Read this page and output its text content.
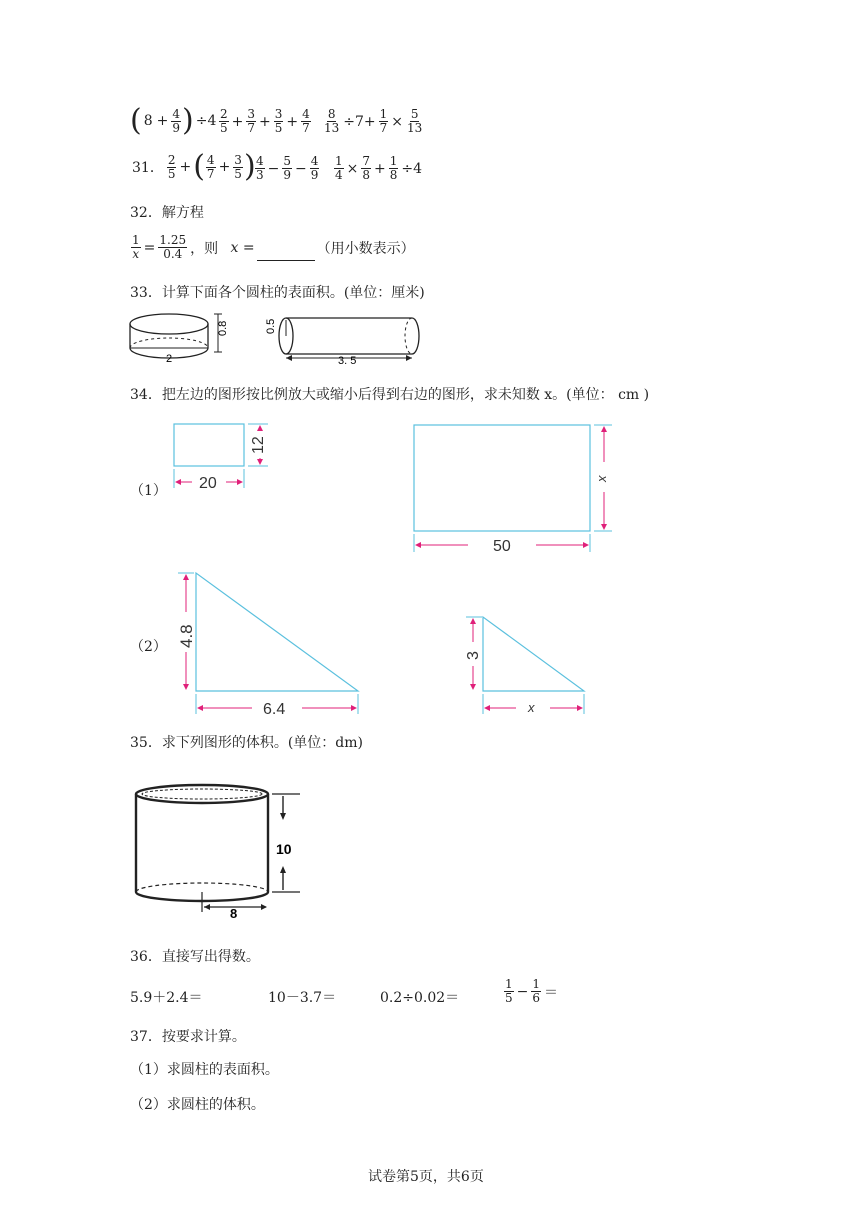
( $8 + \frac{4}{9}$ ) $\div 4 \frac{2}{5} + \frac{3}{7} + \frac{3}{5} + \frac{4}{7} \frac{8}{13} \div 7+ \frac{1}{7} \times \frac{5}{13}$
31． $\frac{2}{5}$ +( $\frac{4}{7} + \frac{3}{5}$ ) $\frac{4}{3} - \frac{5}{9} - \frac{4}{9} \frac{1}{4} \times \frac{7}{8} + \frac{1}{8} \div 4$
32．解方程
$\frac{1}{x} = \frac{1.25}{0.4}$ ，则 x =	（用小数表示）
33．计算下面各个圆柱的表面积。(单位：厘米)
2
0.8	0.5
3. 5
34．把左边的图形按比例放大或缩小后得到右边的图形，求未知数 x。(单位： cm )
（1）
（2）
20
12
50
x
4.8
6.4
3
x
35．求下列图形的体积。(单位：dm)
8
10
36．直接写出得数。
5.9＋2.4＝	10－3.7＝	0.2÷0.02＝	$\frac{1}{5} - \frac{1}{6}$ ＝
37．按要求计算。
（1）求圆柱的表面积。
（2）求圆柱的体积。
试卷第5页，共6页
